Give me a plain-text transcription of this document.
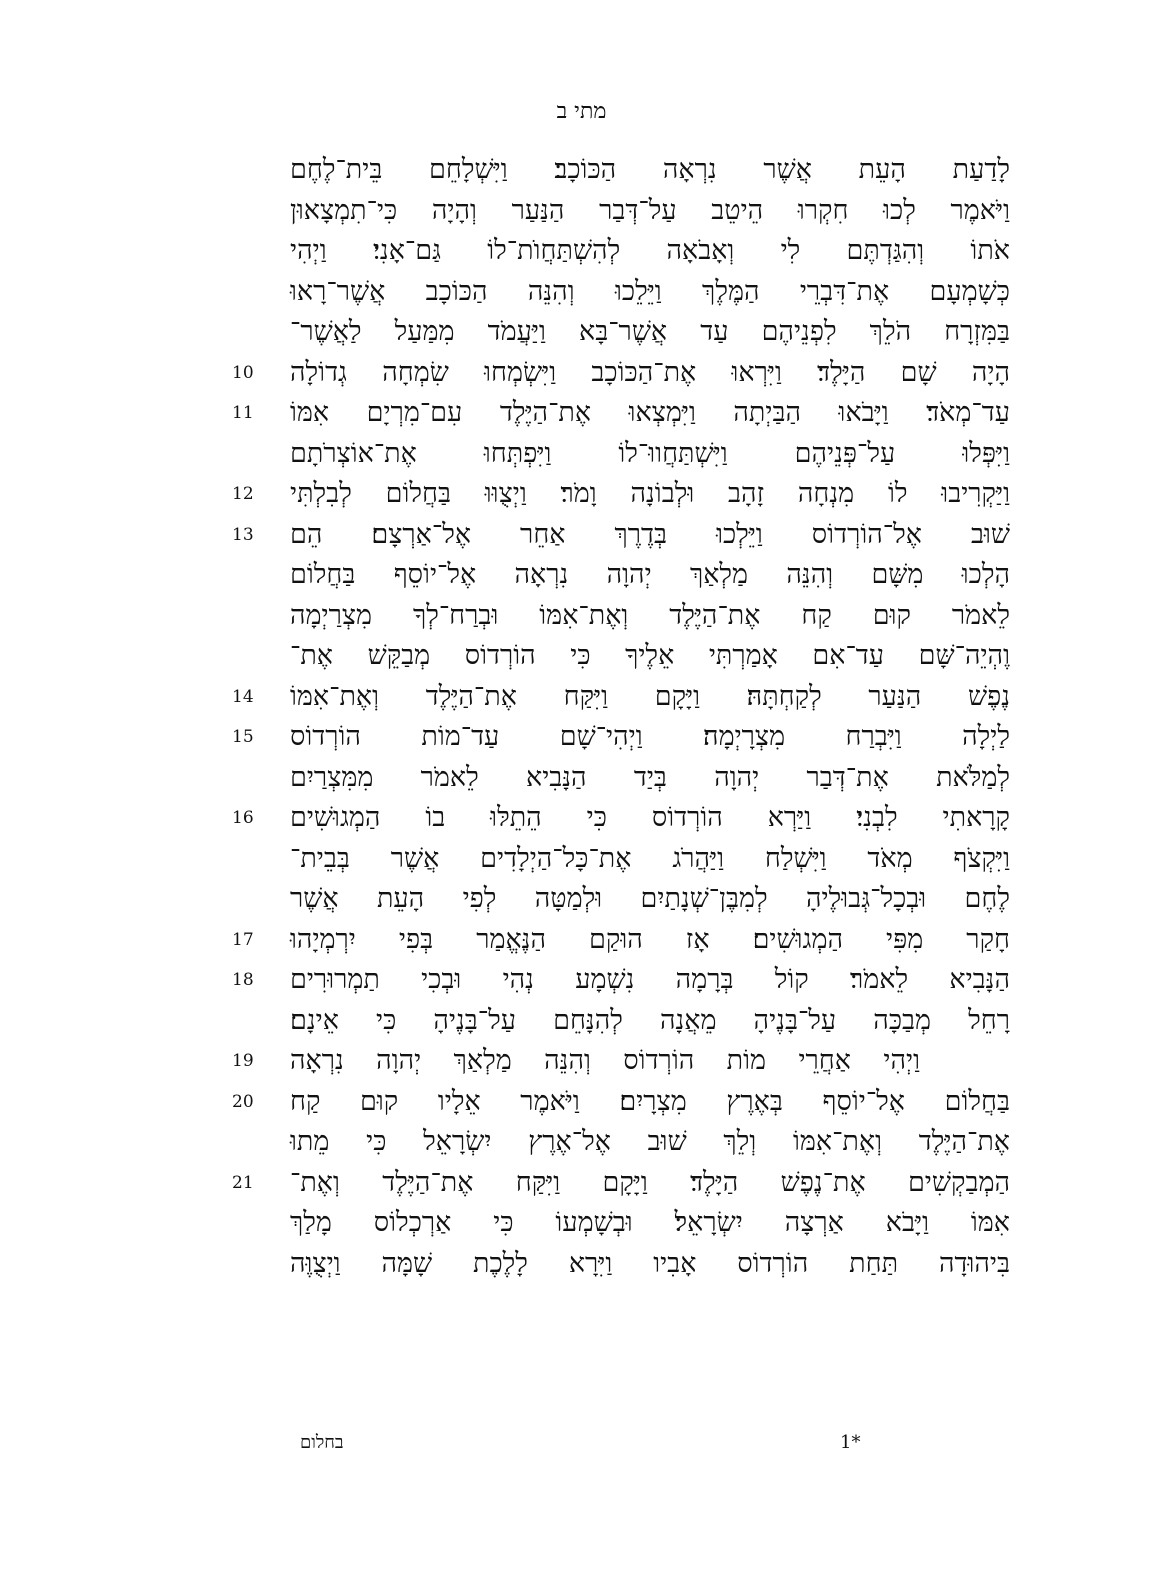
מתי ב
לָדַעַת הָעֵת אֲשֶׁר נִרְאָה הַכּוֹכָב׃ וַיִּשְׁלָחֵם בֵּית־לֶחֶם
וַיֹּאמֶר לְכוּ חִקְרוּ הֵיטֵב עַל־דְּבַר הַנַּעַר וְהָיָה כִּי־תִמְצָאוּן
אֹתוֹ וְהִגַּדְתֶּם לִי וְאָבֹאָה לְהִשְׁתַּחֲוֺת־לוֹ גַּם־אָנִי׃ וַיְהִי
כְּשָׁמְעָם אֶת־דִּבְרֵי הַמֶּלֶךְ וַיֵּלֵכוּ וְהִנֵּה הַכּוֹכָב אֲשֶׁר־רָאוּ
בַּמִּזְרָח הֹלֵךְ לִפְנֵיהֶם עַד אֲשֶׁר־בָּא וַיַּעֲמֹד מִמַּעַל לַאֲשֶׁר־
הָיָה שָׁם הַיָּלֶד׃ וַיִּרְאוּ אֶת־הַכּוֹכָב וַיִּשְׂמְחוּ שִׂמְחָה גְדוֹלָה
10
עַד־מְאֹד׃ וַיָּבֹאוּ הַבַּיְתָה וַיִּמְצְאוּ אֶת־הַיֶּלֶד עִם־מִרְיָם אִמּוֹ
11
וַיִּפְּלוּ עַל־פְּנֵיהֶם וַיִּשְׁתַּחֲווּ־לוֹ וַיִּפְתְּחוּ אֶת־אוֹצְרֹתָם
וַיַּקְרִיבוּ לוֹ מִנְחָה זָהָב וּלְבוֹנָה וָמֹר׃ וַיְצֻוּוּ בַּחֲלוֹם לְבִלְתִּי
12
שׁוּב אֶל־הוֹרְדוֹס וַיֵּלְכוּ בְּדֶרֶךְ אַחֵר אֶל־אַרְצָם׃ הֵם
13
הָלְכוּ מִשָּׁם וְהִנֵּה מַלְאַךְ יְהוָה נִרְאָה אֶל־יוֹסֵף בַּחֲלוֹם
לֵאמֹר קוּם קַח אֶת־הַיֶּלֶד וְאֶת־אִמּוֹ וּבְרַח־לְךָ מִצְרַיְמָה
וֶהְיֵה־שָּׁם עַד־אִם אָמַרְתִּי אֵלֶיךָ כִּי הוֹרְדוֹס מְבַקֵּשׁ אֶת־
נֶפֶשׁ הַנַּעַר לְקַחְתָּהּ׃ וַיָּקָם וַיִּקַּח אֶת־הַיֶּלֶד וְאֶת־אִמּוֹ
14
לַיְלָה וַיִּבְרַח מִצְרָיְמָה׃ וַיְהִי־שָׁם עַד־מוֹת הוֹרְדוֹס
15
לְמַלֹּאת אֶת־דְּבַר יְהוָה בְּיַד הַנָּבִיא לֵאמֹר מִמִּצְרַיִם
קָרָאתִי לִבְנִי׃ וַיַּרְא הוֹרְדוֹס כִּי הֵתֵלּוּ בוֹ הַמְגוּשִׁים
16
וַיִּקְצֹף מְאֹד וַיִּשְׁלַח וַיַּהֲרֹג אֶת־כָּל־הַיְלָדִים אֲשֶׁר בְּבֵית־
לֶחֶם וּבְכָל־גְּבוּלֶיהָ לְמִבֶּן־שְׁנָתַיִם וּלְמַטָּה לְפִי הָעֵת אֲשֶׁר
חָקַר מִפִּי הַמְגוּשִׁים׃ אָז הוּקַם הַנֶּאֱמַר בְּפִי יִרְמְיָהוּ
17
הַנָּבִיא לֵאמֹר׃ קוֹל בְּרָמָה נִשְׁמָע נְהִי וּבְכִי תַמְרוּרִים
18
רָחֵל מְבַכָּה עַל־בָּנֶיהָ מֵאֲנָה לְהִנָּחֵם עַל־בָּנֶיהָ כִּי אֵינָם׃
וַיְהִי אַחֲרֵי מוֹת הוֹרְדוֹס וְהִנֵּה מַלְאַךְ יְהוָה נִרְאָה
19
בַּחֲלוֹם אֶל־יוֹסֵף בְּאֶרֶץ מִצְרָיִם׃ וַיֹּאמֶר אֵלָיו קוּם קַח
20
אֶת־הַיֶּלֶד וְאֶת־אִמּוֹ וְלֵךְ שׁוּב אֶל־אֶרֶץ יִשְׂרָאֵל כִּי מֵתוּ
הַמְבַקְשִׁים אֶת־נֶפֶשׁ הַיָּלֶד׃ וַיָּקָם וַיִּקַּח אֶת־הַיֶּלֶד וְאֶת־
21
אִמּוֹ וַיָּבֹא אַרְצָה יִשְׂרָאֵל׃ וּבְשָׁמְעוֹ כִּי אַרְכְלוֹס מָלַךְ
בִּיהוּדָה תַּחַת הוֹרְדוֹס אָבִיו וַיִּרָא לָלֶכֶת שָׁמָּה וַיְצֻוֶּה
בחלום	1*
